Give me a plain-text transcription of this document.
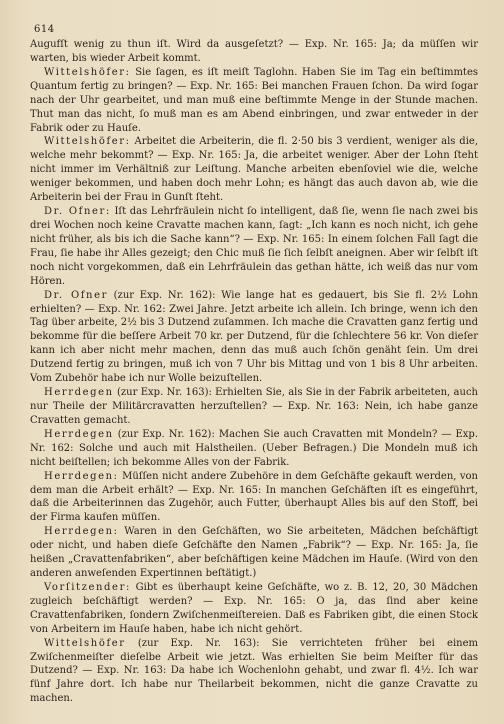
614

Augufſt wenig zu thun iſt. Wird da ausgeſetzt? — Exp. Nr. 165: Ja; da müſſen wir warten, bis wieder Arbeit kommt.

Wittelshöfer: Sie ſagen, es iſt meiſt Taglohn. Haben Sie im Tag ein beſtimmtes Quantum fertig zu bringen? — Exp. Nr. 165: Bei manchen Frauen ſchon. Da wird ſogar nach der Uhr gearbeitet, und man muß eine beſtimmte Menge in der Stunde machen. Thut man das nicht, ſo muß man es am Abend einbringen, und zwar entweder in der Fabrik oder zu Hauſe.

Wittelshöfer: Arbeitet die Arbeiterin, die fl. 2·50 bis 3 verdient, weniger als die, welche mehr bekommt? — Exp. Nr. 165: Ja, die arbeitet weniger. Aber der Lohn ſteht nicht immer im Verhältniß zur Leiſtung. Manche arbeiten ebenſoviel wie die, welche weniger bekommen, und haben doch mehr Lohn; es hängt das auch davon ab, wie die Arbeiterin bei der Frau in Gunſt ſteht.

Dr. Ofner: Iſt das Lehrfräulein nicht ſo intelligent, daß ſie, wenn ſie nach zwei bis drei Wochen noch keine Cravatte machen kann, ſagt: „Ich kann es noch nicht, ich gehe nicht früher, als bis ich die Sache kann“? — Exp. Nr. 165: In einem ſolchen Fall ſagt die Frau, ſie habe ihr Alles gezeigt; den Chic muß ſie ſich ſelbſt aneignen. Aber wir ſelbſt iſt noch nicht vorgekommen, daß ein Lehrfräulein das gethan hätte, ich weiß das nur vom Hören.

Dr. Ofner (zur Exp. Nr. 162): Wie lange hat es gedauert, bis Sie fl. 2½ Lohn erhielten? — Exp. Nr. 162: Zwei Jahre. Jetzt arbeite ich allein. Ich bringe, wenn ich den Tag über arbeite, 2½ bis 3 Dutzend zuſammen. Ich mache die Cravatten ganz fertig und bekomme für die beſſere Arbeit 70 kr. per Dutzend, für die ſchlechtere 56 kr. Von dieſer kann ich aber nicht mehr machen, denn das muß auch ſchön genäht ſein. Um drei Dutzend fertig zu bringen, muß ich von 7 Uhr bis Mittag und von 1 bis 8 Uhr arbeiten. Vom Zubehör habe ich nur Wolle beizuſtellen.

Herrdegen (zur Exp. Nr. 163): Erhielten Sie, als Sie in der Fabrik arbeiteten, auch nur Theile der Militärcravatten herzuſtellen? — Exp. Nr. 163: Nein, ich habe ganze Cravatten gemacht.

Herrdegen (zur Exp. Nr. 162): Machen Sie auch Cravatten mit Mondeln? — Exp. Nr. 162: Solche und auch mit Halstheilen. (Ueber Befragen.) Die Mondeln muß ich nicht beiſtellen; ich bekomme Alles von der Fabrik.

Herrdegen: Müſſen nicht andere Zubehöre in dem Geſchäfte gekauft werden, von dem man die Arbeit erhält? — Exp. Nr. 165: In manchen Geſchäften iſt es eingeführt, daß die Arbeiterinnen das Zugehör, auch Futter, überhaupt Alles bis auf den Stoff, bei der Firma kaufen müſſen.

Herrdegen: Waren in den Geſchäften, wo Sie arbeiteten, Mädchen beſchäftigt oder nicht, und haben dieſe Geſchäfte den Namen „Fabrik“? — Exp. Nr. 165: Ja, ſie heißen „Cravattenfabriken“, aber beſchäftigen keine Mädchen im Hauſe. (Wird von den anderen anweſenden Expertinnen beſtätigt.)

Vorſitzender: Gibt es überhaupt keine Geſchäfte, wo z. B. 12, 20, 30 Mädchen zugleich beſchäftigt werden? — Exp. Nr. 165: O ja, das ſind aber keine Cravattenfabriken, ſondern Zwiſchenmeiſtereien. Daß es Fabriken gibt, die einen Stock von Arbeitern im Hauſe haben, habe ich nicht gehört.

Wittelshöfer (zur Exp. Nr. 163): Sie verrichteten früher bei einem Zwiſchenmeiſter dieſelbe Arbeit wie jetzt. Was erhielten Sie beim Meiſter für das Dutzend? — Exp. Nr. 163: Da habe ich Wochenlohn gehabt, und zwar fl. 4½. Ich war fünf Jahre dort. Ich habe nur Theilarbeit bekommen, nicht die ganze Cravatte zu machen.
